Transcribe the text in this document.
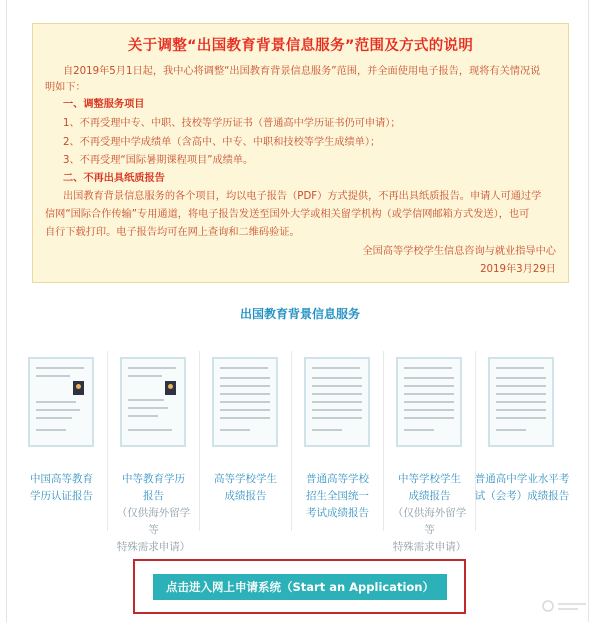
关于调整“出国教育背景信息服务”范围及方式的说明
自2019年5月1日起，我中心将调整“出国教育背景信息服务”范围，并全面使用电子报告，现将有关情况说
明如下：
一、调整服务项目
1、不再受理中专、中职、技校等学历证书（普通高中学历证书仍可申请）；
2、不再受理中学成绩单（含高中、中专、中职和技校等学生成绩单）；
3、不再受理“国际暑期课程项目”成绩单。
二、不再出具纸质报告
出国教育背景信息服务的各个项目，均以电子报告（PDF）方式提供，不再出具纸质报告。申请人可通过学
信网“国际合作传输”专用通道，将电子报告发送至国外大学或相关留学机构（或学信网邮箱方式发送），也可
自行下载打印。电子报告均可在网上查询和二维码验证。
全国高等学校学生信息咨询与就业指导中心
2019年3月29日
出国教育背景信息服务
中国高等教育
学历认证报告
中等教育学历
报告
（仅供海外留学等
特殊需求申请）
高等学校学生
成绩报告
普通高等学校
招生全国统一
考试成绩报告
中等学校学生
成绩报告
（仅供海外留学等
特殊需求申请）
普通高中学业水平考
试（会考）成绩报告
点击进入网上申请系统（Start an Application）
